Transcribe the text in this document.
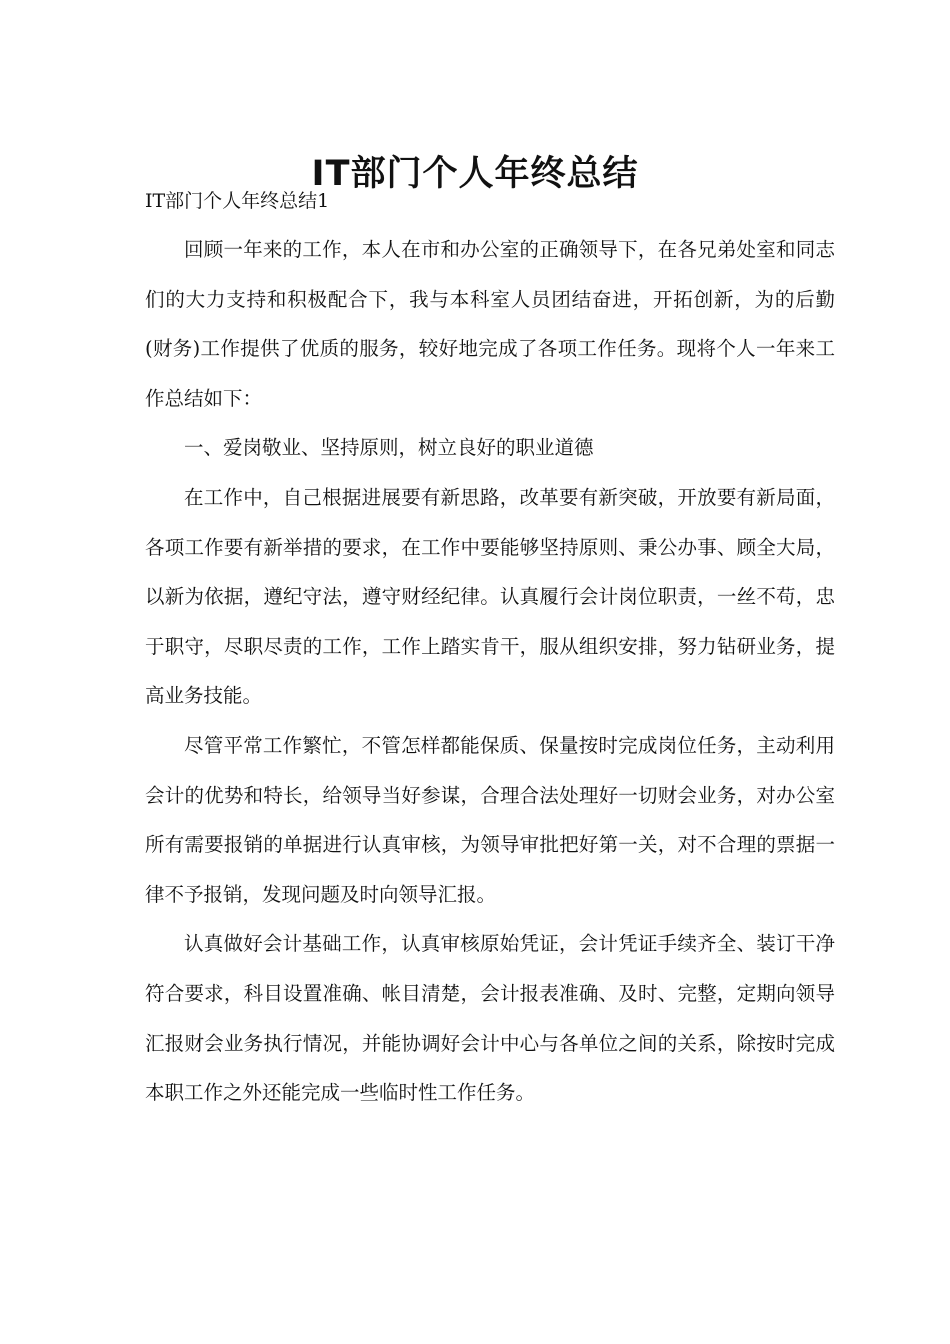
IT部门个人年终总结
IT部门个人年终总结1

回顾一年来的工作，本人在市和办公室的正确领导下，在各兄弟处室和同志们的大力支持和积极配合下，我与本科室人员团结奋进，开拓创新，为的后勤(财务)工作提供了优质的服务，较好地完成了各项工作任务。现将个人一年来工作总结如下：

一、爱岗敬业、坚持原则，树立良好的职业道德

在工作中，自己根据进展要有新思路，改革要有新突破，开放要有新局面，各项工作要有新举措的要求，在工作中要能够坚持原则、秉公办事、顾全大局，以新为依据，遵纪守法，遵守财经纪律。认真履行会计岗位职责，一丝不苟，忠于职守，尽职尽责的工作，工作上踏实肯干，服从组织安排，努力钻研业务，提高业务技能。

尽管平常工作繁忙，不管怎样都能保质、保量按时完成岗位任务，主动利用会计的优势和特长，给领导当好参谋，合理合法处理好一切财会业务，对办公室所有需要报销的单据进行认真审核，为领导审批把好第一关，对不合理的票据一律不予报销，发现问题及时向领导汇报。

认真做好会计基础工作，认真审核原始凭证，会计凭证手续齐全、装订干净符合要求，科目设置准确、帐目清楚，会计报表准确、及时、完整，定期向领导汇报财会业务执行情况，并能协调好会计中心与各单位之间的关系，除按时完成本职工作之外还能完成一些临时性工作任务。
